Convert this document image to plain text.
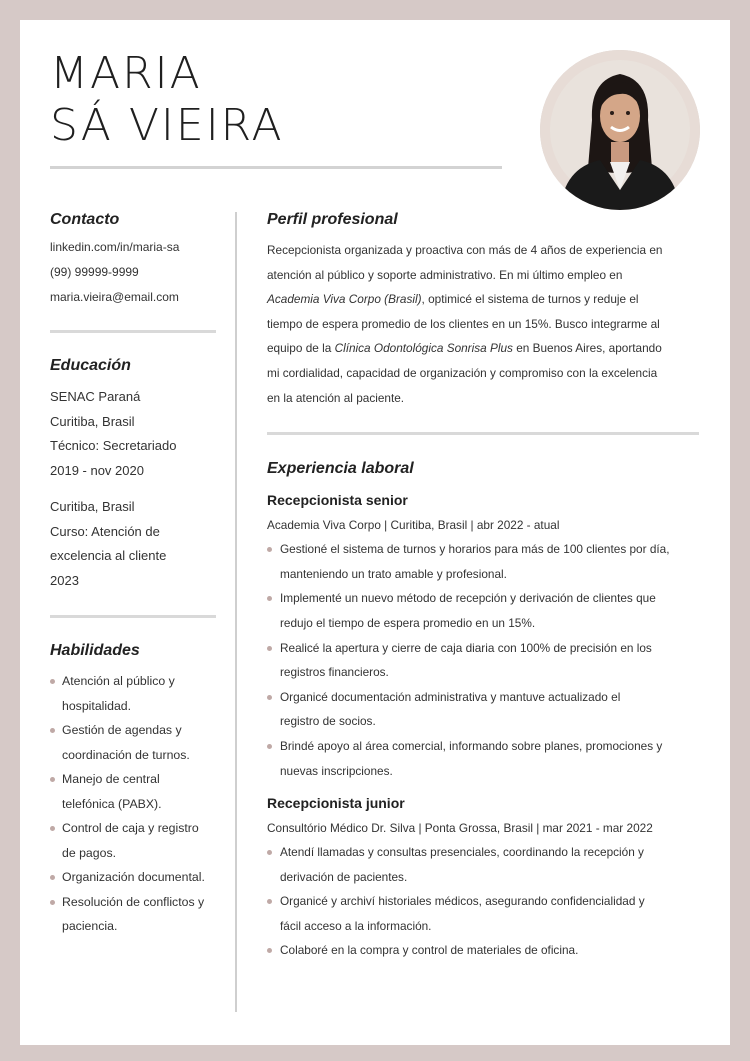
MARIA
SÁ VIEIRA
Contacto
linkedin.com/in/maria-sa
(99) 99999-9999
maria.vieira@email.com
Educación
SENAC Paraná
Curitiba, Brasil
Técnico: Secretariado
2019 - nov 2020
Curitiba, Brasil
Curso: Atención de
excelencia al cliente
2023
Habilidades
Atención al público y
hospitalidad.
Gestión de agendas y
coordinación de turnos.
Manejo de central
telefónica (PABX).
Control de caja y registro
de pagos.
Organización documental.
Resolución de conflictos y
paciencia.
Perfil profesional
Recepcionista organizada y proactiva con más de 4 años de experiencia en
atención al público y soporte administrativo. En mi último empleo en
Academia Viva Corpo (Brasil), optimicé el sistema de turnos y reduje el
tiempo de espera promedio de los clientes en un 15%. Busco integrarme al
equipo de la Clínica Odontológica Sonrisa Plus en Buenos Aires, aportando
mi cordialidad, capacidad de organización y compromiso con la excelencia
en la atención al paciente.
Experiencia laboral
Recepcionista senior
Academia Viva Corpo | Curitiba, Brasil | abr 2022 - atual
Gestioné el sistema de turnos y horarios para más de 100 clientes por día,
manteniendo un trato amable y profesional.
Implementé un nuevo método de recepción y derivación de clientes que
redujo el tiempo de espera promedio en un 15%.
Realicé la apertura y cierre de caja diaria con 100% de precisión en los
registros financieros.
Organicé documentación administrativa y mantuve actualizado el
registro de socios.
Brindé apoyo al área comercial, informando sobre planes, promociones y
nuevas inscripciones.
Recepcionista junior
Consultório Médico Dr. Silva | Ponta Grossa, Brasil | mar 2021 - mar 2022
Atendí llamadas y consultas presenciales, coordinando la recepción y
derivación de pacientes.
Organicé y archiví historiales médicos, asegurando confidencialidad y
fácil acceso a la información.
Colaboré en la compra y control de materiales de oficina.
